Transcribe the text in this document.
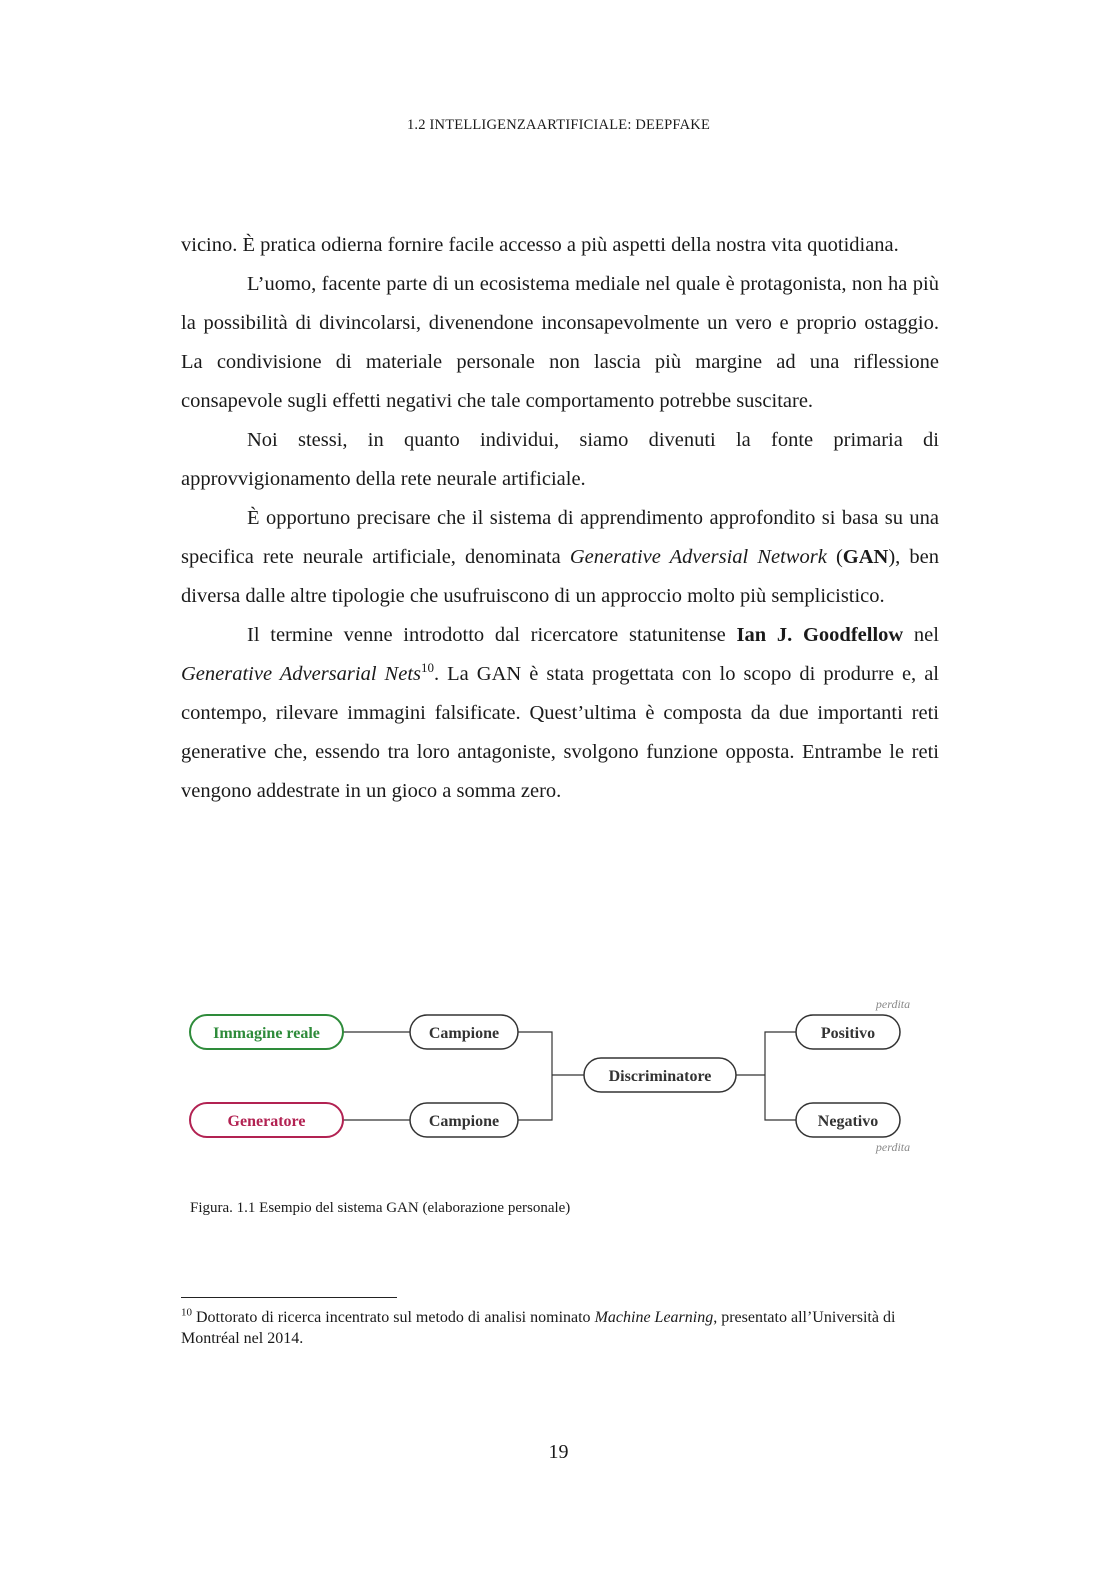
1.2 INTELLIGENZAARTIFICIALE: DEEPFAKE

vicino. È pratica odierna fornire facile accesso a più aspetti della nostra vita quotidiana.

L’uomo, facente parte di un ecosistema mediale nel quale è protagonista, non ha più la possibilità di divincolarsi, divenendone inconsapevolmente un vero e proprio ostaggio. La condivisione di materiale personale non lascia più margine ad una riflessione consapevole sugli effetti negativi che tale comportamento potrebbe suscitare.

Noi stessi, in quanto individui, siamo divenuti la fonte primaria di approvvigionamento della rete neurale artificiale.

È opportuno precisare che il sistema di apprendimento approfondito si basa su una specifica rete neurale artificiale, denominata Generative Adversial Network (GAN), ben diversa dalle altre tipologie che usufruiscono di un approccio molto più semplicistico.

Il termine venne introdotto dal ricercatore statunitense Ian J. Goodfellow nel Generative Adversarial Nets$^{10}$. La GAN è stata progettata con lo scopo di produrre e, al contempo, rilevare immagini falsificate. Quest’ultima è composta da due importanti reti generative che, essendo tra loro antagoniste, svolgono funzione opposta. Entrambe le reti vengono addestrate in un gioco a somma zero.

Immagine reale
Generatore
Campione
Campione
Discriminatore
Positivo
Negativo
perdita
perdita
Figura. 1.1 Esempio del sistema GAN (elaborazione personale)
$^{10}$ Dottorato di ricerca incentrato sul metodo di analisi nominato Machine Learning, presentato all’Università di Montréal nel 2014.
19
